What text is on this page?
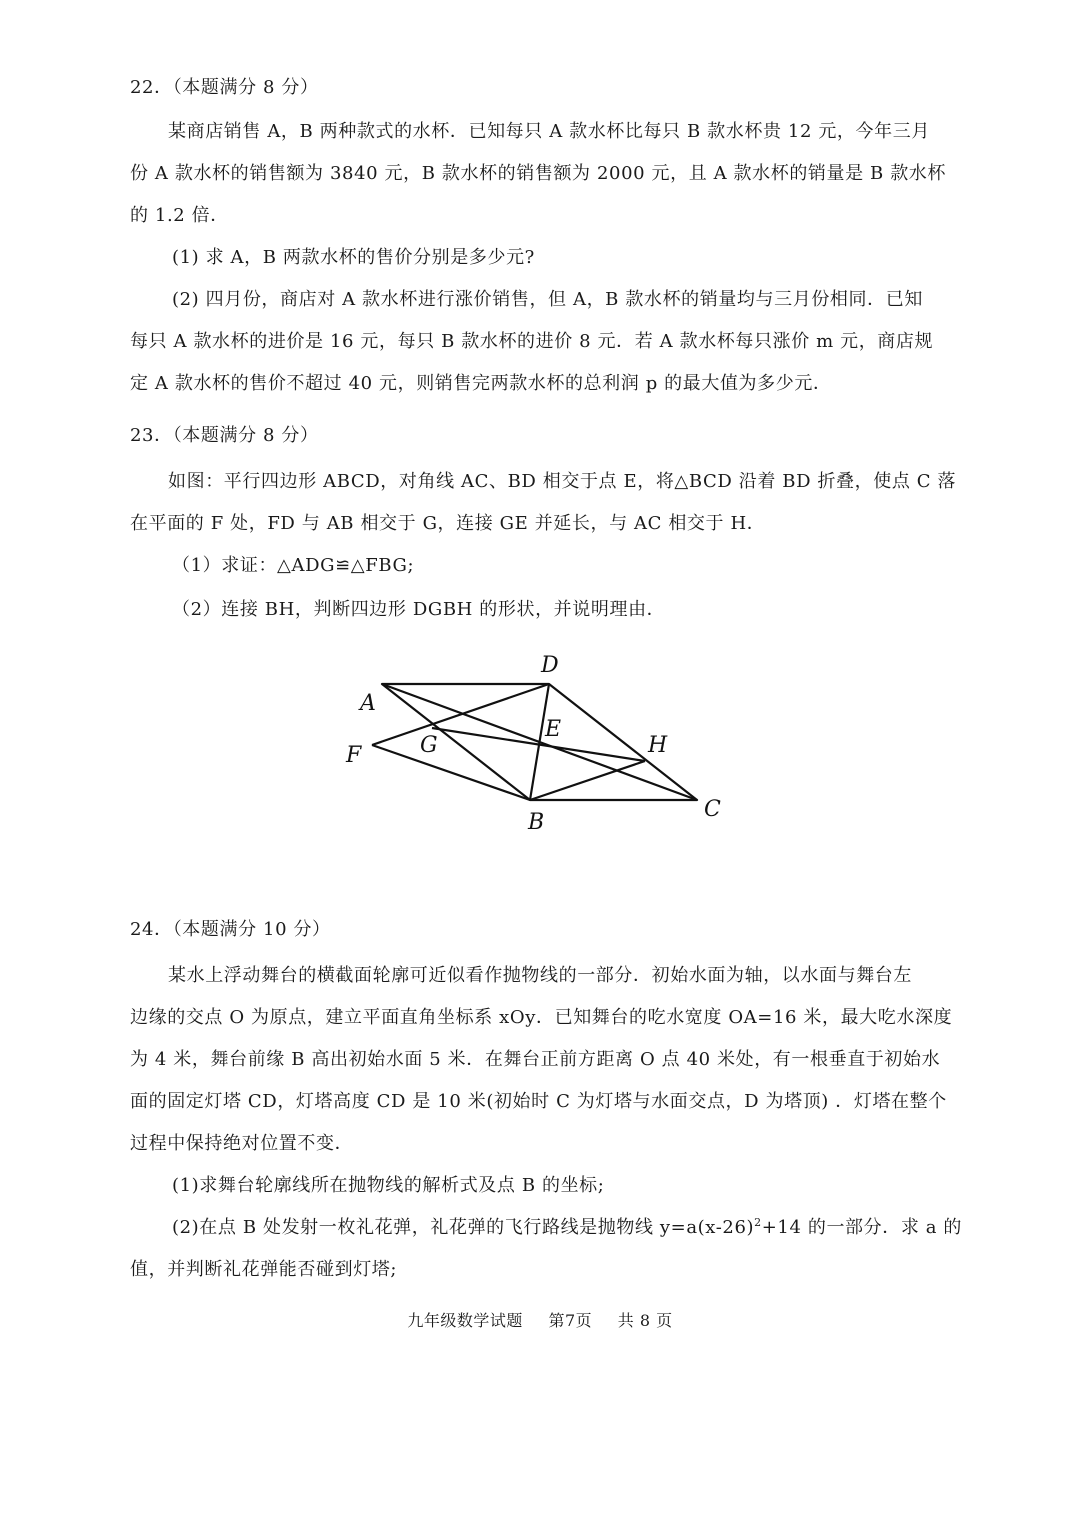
22．（本题满分 8 分）
某商店销售 A，B 两种款式的水杯．已知每只 A 款水杯比每只 B 款水杯贵 12 元，今年三月
份 A 款水杯的销售额为 3840 元，B 款水杯的销售额为 2000 元，且 A 款水杯的销量是 B 款水杯
的 1.2 倍．
(1) 求 A，B 两款水杯的售价分别是多少元?
(2) 四月份，商店对 A 款水杯进行涨价销售，但 A，B 款水杯的销量均与三月份相同．已知
每只 A 款水杯的进价是 16 元，每只 B 款水杯的进价 8 元．若 A 款水杯每只涨价 m 元，商店规
定 A 款水杯的售价不超过 40 元，则销售完两款水杯的总利润 p 的最大值为多少元．
23．（本题满分 8 分）
如图：平行四边形 ABCD，对角线 AC、BD 相交于点 E，将△BCD 沿着 BD 折叠，使点 C 落
在平面的 F 处，FD 与 AB 相交于 G，连接 GE 并延长，与 AC 相交于 H．
（1）求证：△ADG≌△FBG;
（2）连接 BH，判断四边形 DGBH 的形状，并说明理由．
A
D
F	G
E
H
B
C
24．（本题满分 10 分）
某水上浮动舞台的横截面轮廓可近似看作抛物线的一部分．初始水面为轴，以水面与舞台左
边缘的交点 O 为原点，建立平面直角坐标系 xOy．已知舞台的吃水宽度 OA=16 米，最大吃水深度
为 4 米，舞台前缘 B 高出初始水面 5 米．在舞台正前方距离 O 点 40 米处，有一根垂直于初始水
面的固定灯塔 CD，灯塔高度 CD 是 10 米(初始时 C 为灯塔与水面交点，D 为塔顶) ．灯塔在整个
过程中保持绝对位置不变．
(1)求舞台轮廓线所在抛物线的解析式及点 B 的坐标;
(2)在点 B 处发射一枚礼花弹，礼花弹的飞行路线是抛物线 $y=a(x-26)^2+14$ 的一部分．求 a 的
值，并判断礼花弹能否碰到灯塔;
九年级数学试题 第7页 共 8 页
